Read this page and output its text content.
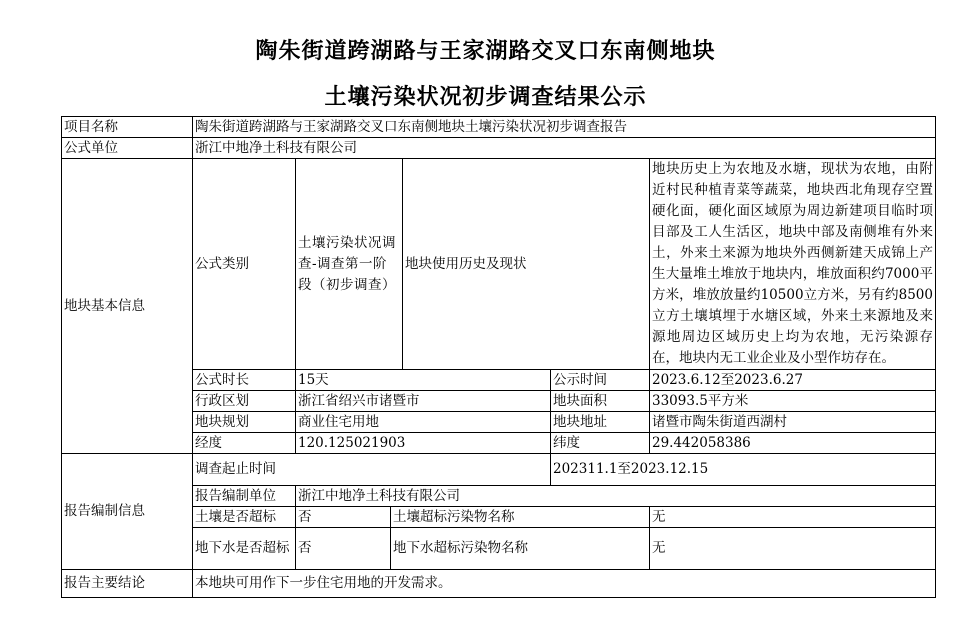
陶朱街道跨湖路与王家湖路交叉口东南侧地块
土壤污染状况初步调查结果公示
项目名称	陶朱街道跨湖路与王家湖路交叉口东南侧地块土壤污染状况初步调查报告					
公式单位	浙江中地净土科技有限公司					
地块基本信息	公式类别	土壤污染状况调查-调查第一阶段（初步调查）		地块使用历史及现状		地块历史上为农地及水塘，现状为农地，由附近村民种植青菜等蔬菜，地块西北角现存空置硬化面，硬化面区域原为周边新建项目临时项目部及工人生活区，地块中部及南侧堆有外来土，外来土来源为地块外西侧新建天成锦上产生大量堆土堆放于地块内，堆放面积约7000平方米，堆放放量约10500立方米，另有约8500立方土壤填埋于水塘区域，外来土来源地及来源地周边区域历史上均为农地，无污染源存在，地块内无工业企业及小型作坊存在。
	公式时长	15天			公示时间	2023.6.12至2023.6.27
	行政区划	浙江省绍兴市诸暨市			地块面积	33093.5平方米
	地块规划	商业住宅用地			地块地址	诸暨市陶朱街道西湖村
	经度	120.125021903			纬度	29.442058386
报告编制信息	调查起止时间				202311.1至2023.12.15	
	报告编制单位	浙江中地净土科技有限公司				
	土壤是否超标	否	土壤超标污染物名称			无
	地下水是否超标	否	地下水超标污染物名称			无
报告主要结论	本地块可用作下一步住宅用地的开发需求。					
